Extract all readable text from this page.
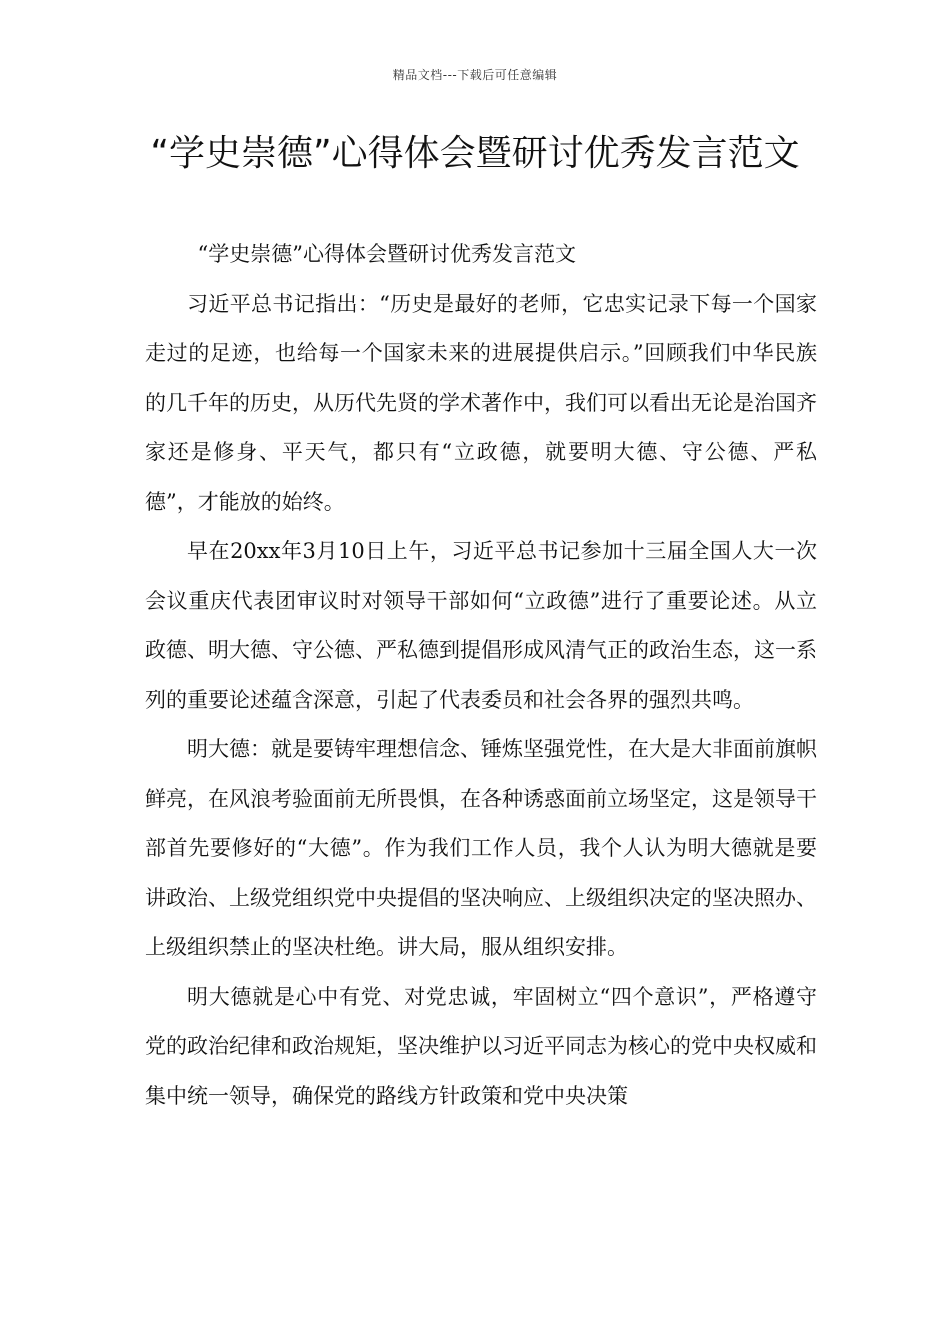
精品文档---下载后可任意编辑
“学史崇德”心得体会暨研讨优秀发言范文

“学史崇德”心得体会暨研讨优秀发言范文

习近平总书记指出：“历史是最好的老师，它忠实记录下每一个国家走过的足迹，也给每一个国家未来的进展提供启示。”回顾我们中华民族的几千年的历史，从历代先贤的学术著作中，我们可以看出无论是治国齐家还是修身、平天气，都只有“立政德，就要明大德、守公德、严私德”，才能放的始终。

早在20xx年3月10日上午，习近平总书记参加十三届全国人大一次会议重庆代表团审议时对领导干部如何“立政德”进行了重要论述。从立政德、明大德、守公德、严私德到提倡形成风清气正的政治生态，这一系列的重要论述蕴含深意，引起了代表委员和社会各界的强烈共鸣。

明大德：就是要铸牢理想信念、锤炼坚强党性，在大是大非面前旗帜鲜亮，在风浪考验面前无所畏惧，在各种诱惑面前立场坚定，这是领导干部首先要修好的“大德”。作为我们工作人员，我个人认为明大德就是要讲政治、上级党组织党中央提倡的坚决响应、上级组织决定的坚决照办、上级组织禁止的坚决杜绝。讲大局，服从组织安排。

明大德就是心中有党、对党忠诚，牢固树立“四个意识”，严格遵守党的政治纪律和政治规矩，坚决维护以习近平同志为核心的党中央权威和集中统一领导，确保党的路线方针政策和党中央决策
